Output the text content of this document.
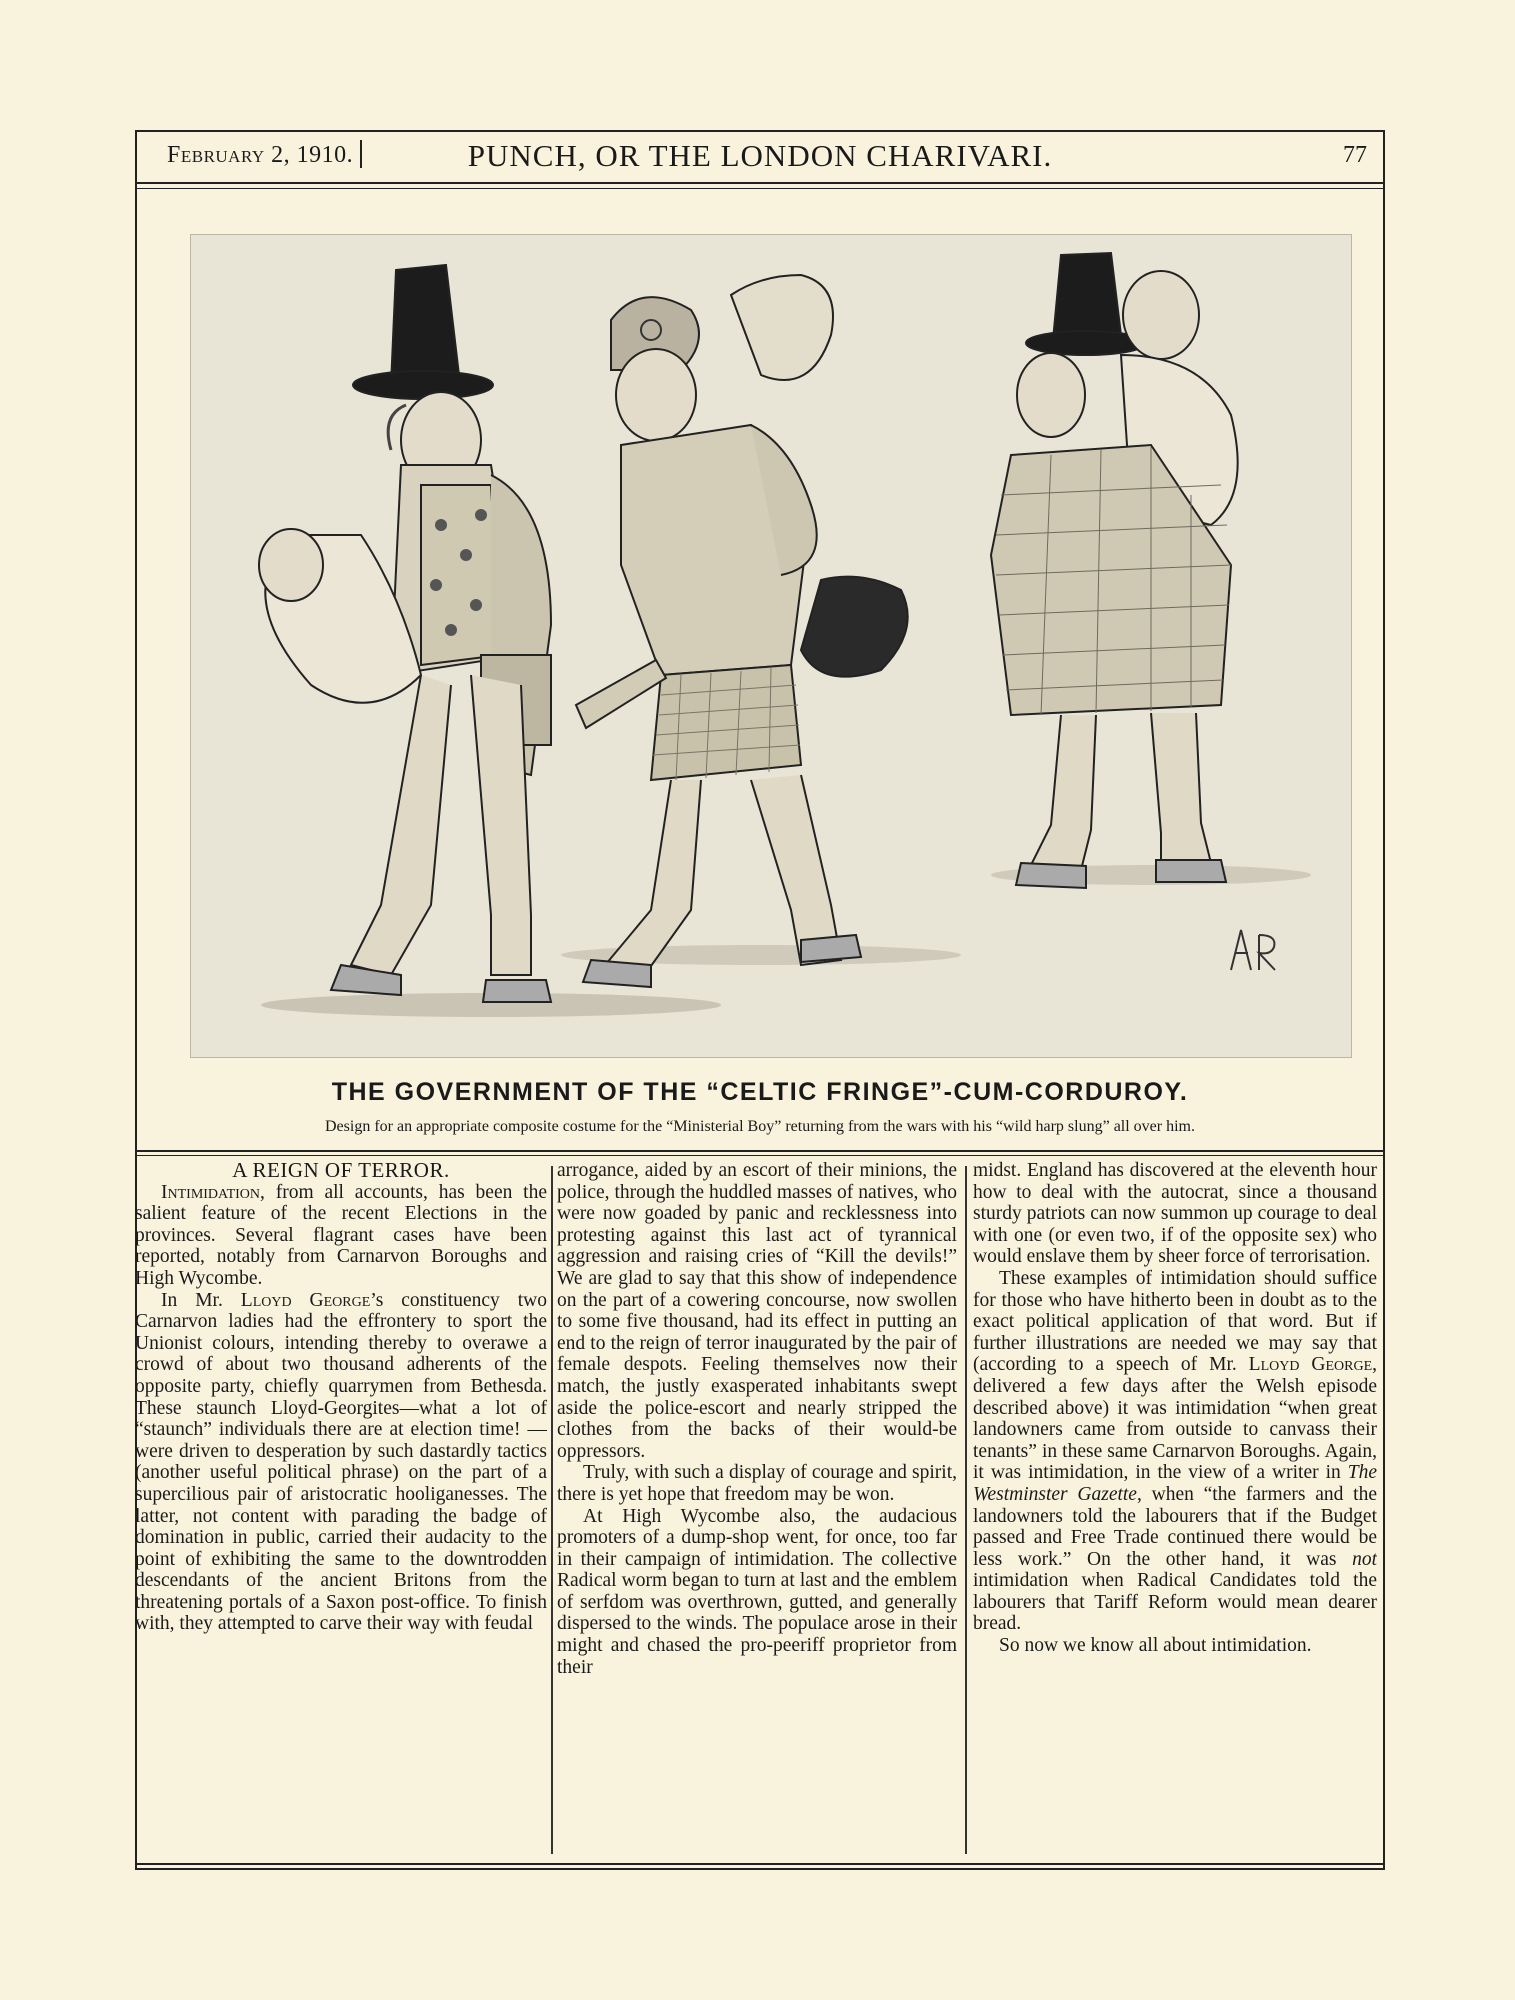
February 2, 1910.	PUNCH, OR THE LONDON CHARIVARI.	77
THE GOVERNMENT OF THE “CELTIC FRINGE”-CUM-CORDUROY.
Design for an appropriate composite costume for the “Ministerial Boy” returning from the wars with his “wild harp slung” all over him.

A REIGN OF TERROR.

Intimidation, from all accounts, has been the salient feature of the recent Elections in the provinces. Several flagrant cases have been reported, notably from Carnarvon Boroughs and High Wycombe.

In Mr. Lloyd George’s constituency two Carnarvon ladies had the effrontery to sport the Unionist colours, intending thereby to overawe a crowd of about two thousand adherents of the opposite party, chiefly quarrymen from Bethesda. These staunch Lloyd-Georgites—what a lot of “staunch” individuals there are at election time! — were driven to desperation by such dastardly tactics (another useful political phrase) on the part of a supercilious pair of aristocratic hooliganesses. The latter, not content with parading the badge of domination in public, carried their audacity to the point of exhibiting the same to the downtrodden descendants of the ancient Britons from the threatening portals of a Saxon post-office. To finish with, they attempted to carve their way with feudal

arrogance, aided by an escort of their minions, the police, through the huddled masses of natives, who were now goaded by panic and recklessness into protesting against this last act of tyrannical aggression and raising cries of “Kill the devils!” We are glad to say that this show of independence on the part of a cowering concourse, now swollen to some five thousand, had its effect in putting an end to the reign of terror inaugurated by the pair of female despots. Feeling themselves now their match, the justly exasperated inhabitants swept aside the police-escort and nearly stripped the clothes from the backs of their would-be oppressors.

Truly, with such a display of courage and spirit, there is yet hope that freedom may be won.

At High Wycombe also, the audacious promoters of a dump-shop went, for once, too far in their campaign of intimidation. The collective Radical worm began to turn at last and the emblem of serfdom was overthrown, gutted, and generally dispersed to the winds. The populace arose in their might and chased the pro-peeriff proprietor from their

midst. England has discovered at the eleventh hour how to deal with the autocrat, since a thousand sturdy patriots can now summon up courage to deal with one (or even two, if of the opposite sex) who would enslave them by sheer force of terrorisation.

These examples of intimidation should suffice for those who have hitherto been in doubt as to the exact political application of that word. But if further illustrations are needed we may say that (according to a speech of Mr. Lloyd George, delivered a few days after the Welsh episode described above) it was intimidation “when great landowners came from outside to canvass their tenants” in these same Carnarvon Boroughs. Again, it was intimidation, in the view of a writer in The Westminster Gazette, when “the farmers and the landowners told the labourers that if the Budget passed and Free Trade continued there would be less work.” On the other hand, it was not intimidation when Radical Candidates told the labourers that Tariff Reform would mean dearer bread.

So now we know all about intimidation.
